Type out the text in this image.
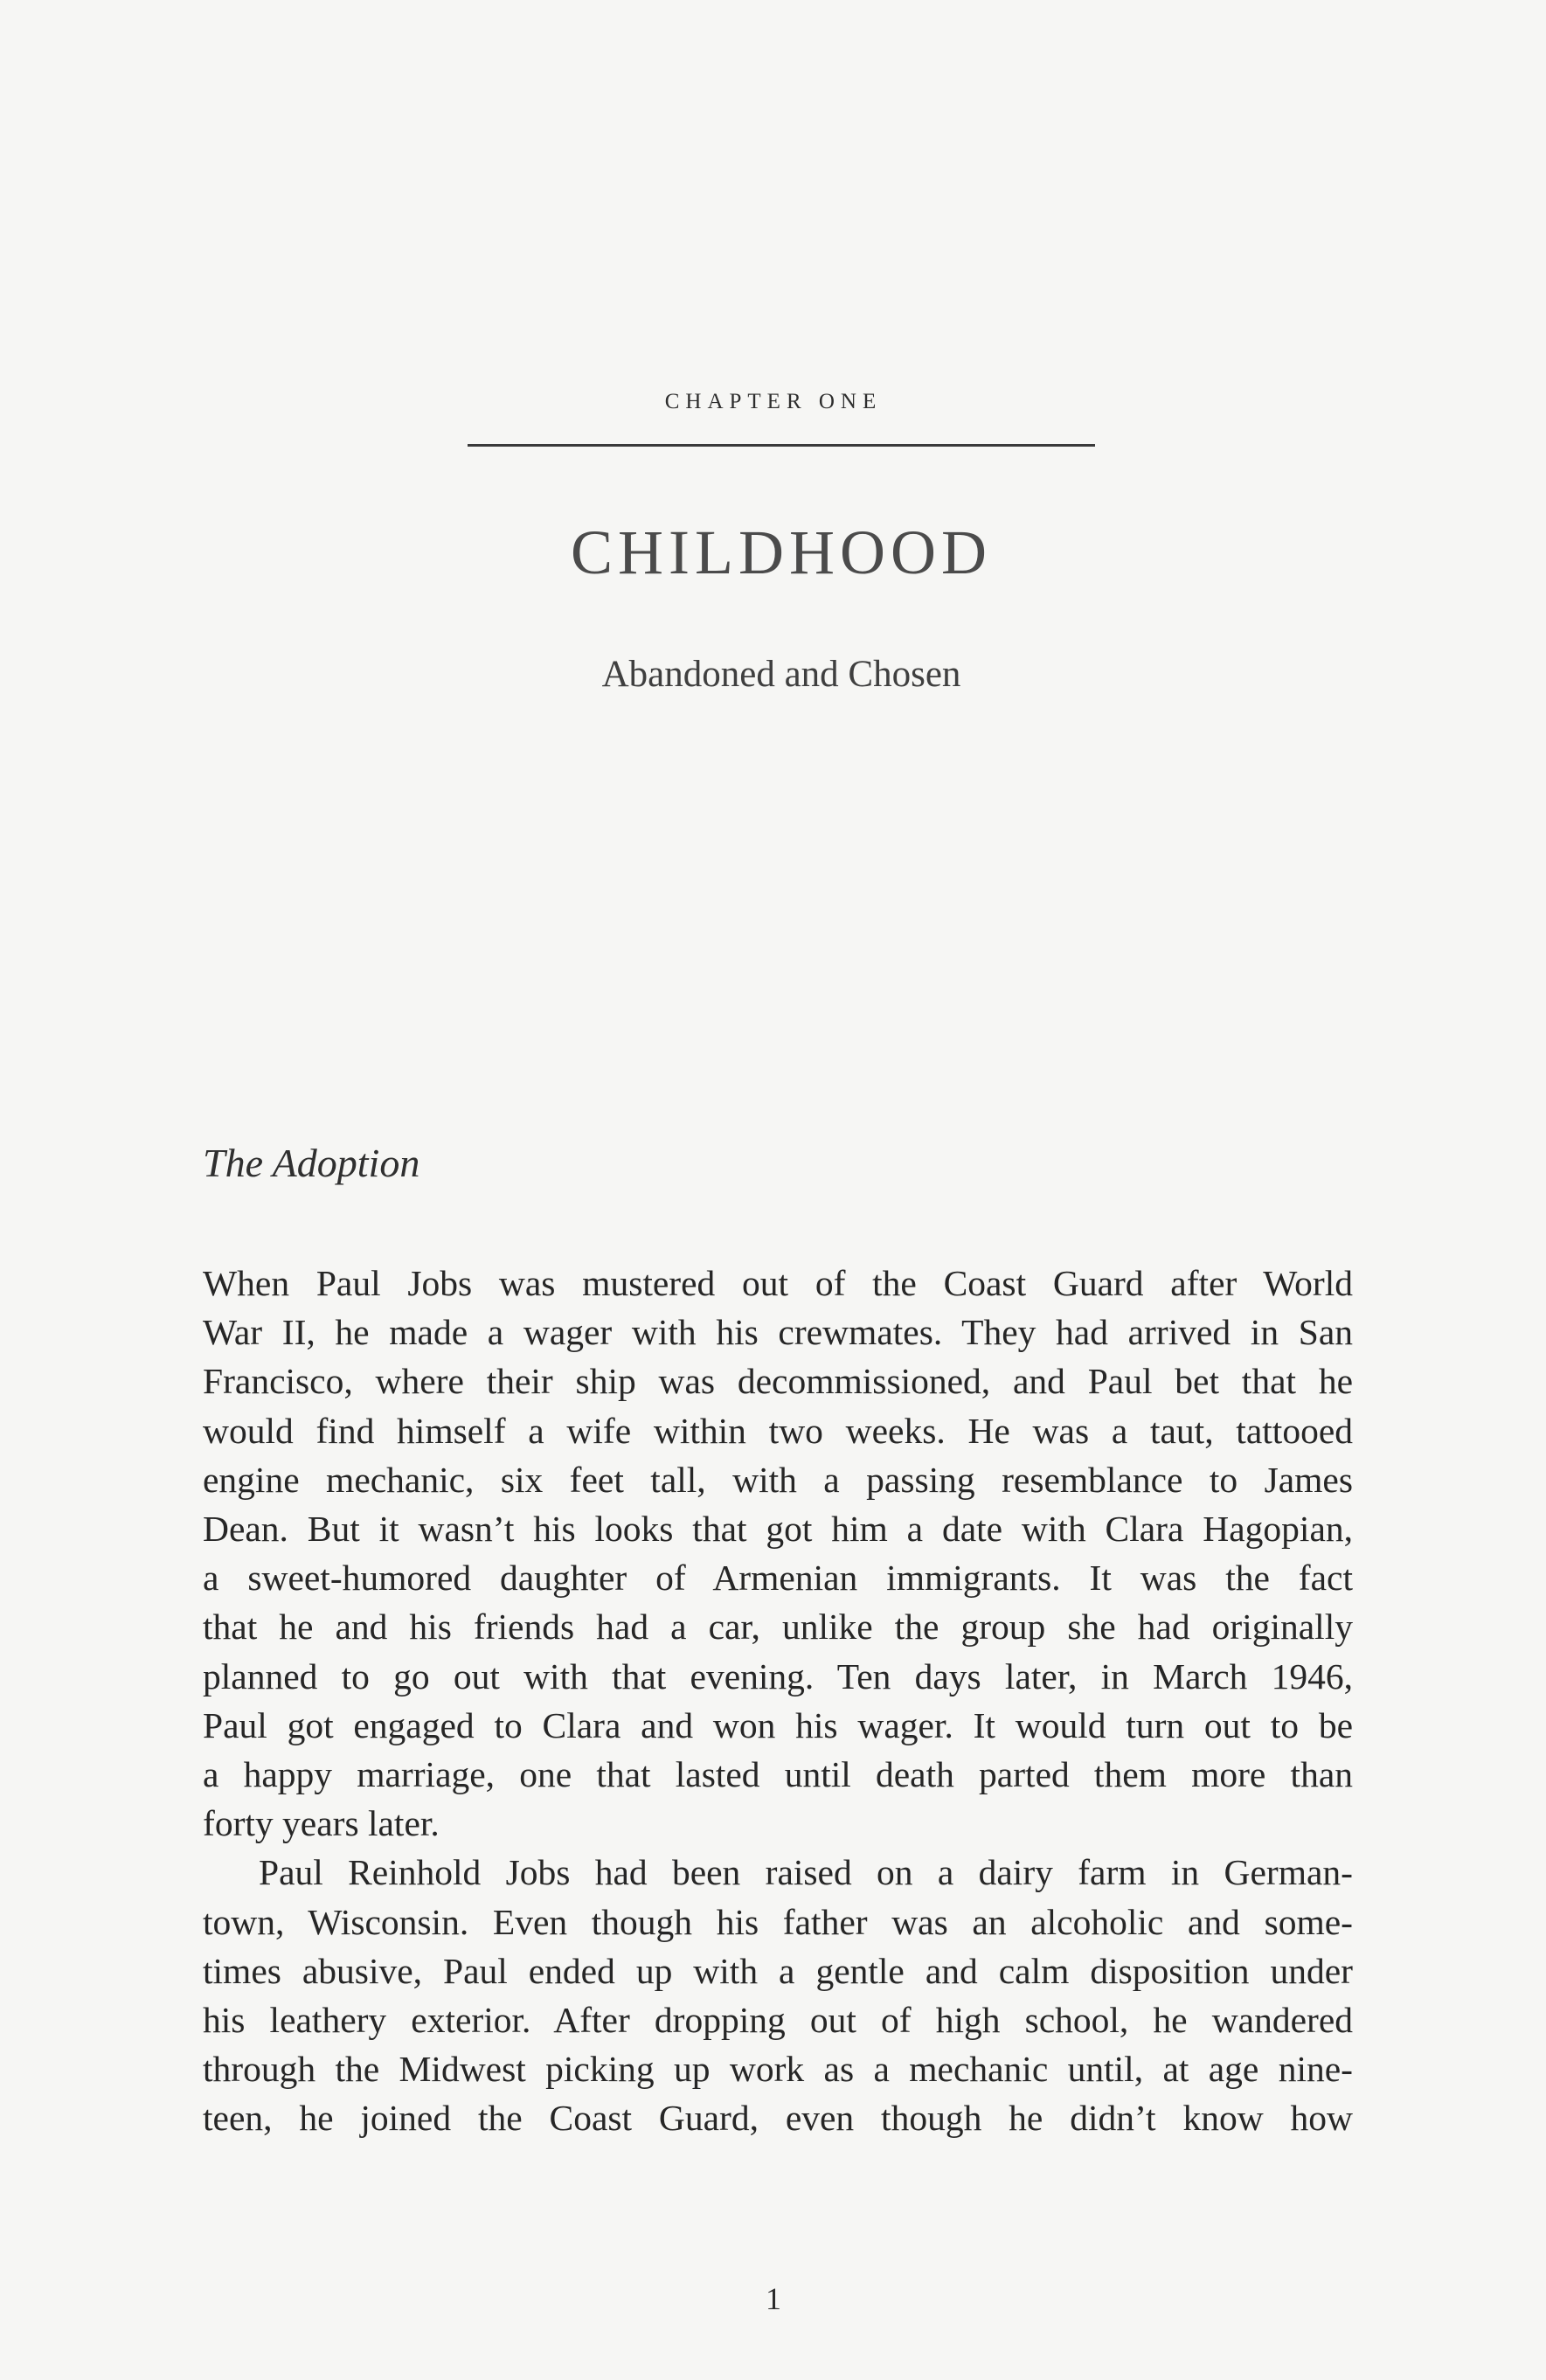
CHAPTER ONE
CHILDHOOD
Abandoned and Chosen
The Adoption

When Paul Jobs was mustered out of the Coast Guard after World
War II, he made a wager with his crewmates. They had arrived in San
Francisco, where their ship was decommissioned, and Paul bet that he
would find himself a wife within two weeks. He was a taut, tattooed
engine mechanic, six feet tall, with a passing resemblance to James
Dean. But it wasn’t his looks that got him a date with Clara Hagopian,
a sweet-humored daughter of Armenian immigrants. It was the fact
that he and his friends had a car, unlike the group she had originally
planned to go out with that evening. Ten days later, in March 1946,
Paul got engaged to Clara and won his wager. It would turn out to be
a happy marriage, one that lasted until death parted them more than
forty years later.

Paul Reinhold Jobs had been raised on a dairy farm in German-
town, Wisconsin. Even though his father was an alcoholic and some-
times abusive, Paul ended up with a gentle and calm disposition under
his leathery exterior. After dropping out of high school, he wandered
through the Midwest picking up work as a mechanic until, at age nine-
teen, he joined the Coast Guard, even though he didn’t know how

1
